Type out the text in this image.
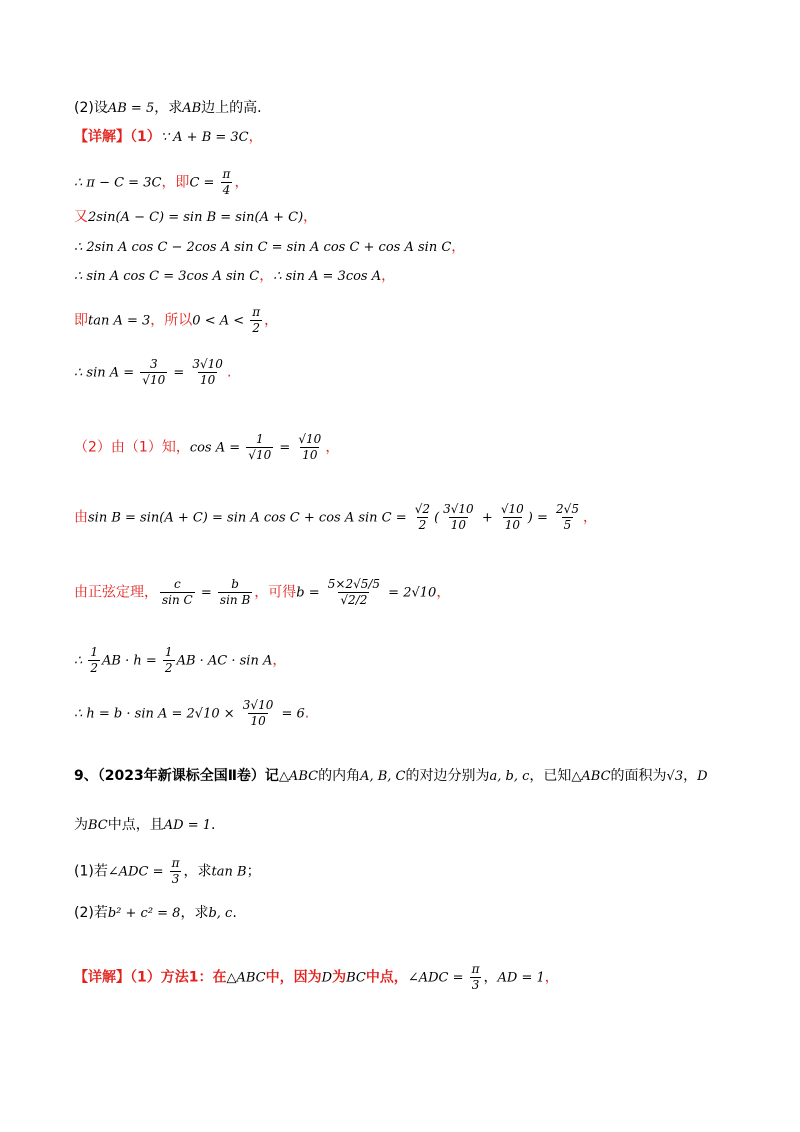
(2)设AB = 5，求AB边上的高.
【详解】（1）∵ A + B = 3C，
∴ π − C = 3C，即$C = \frac{\pi}{4}$ ，
又2sin(A − C) = sin B = sin(A + C)，
∴ 2sin A cos C − 2cos A sin C = sin A cos C + cos A sin C，
∴ sin A cos C = 3cos A sin C，∴ sin A = 3cos A，
即tan A = 3，所以$0 < A < \frac{\pi}{2}$ ，
∴ $\sin A = \frac{3}{√10} = \frac{3√10}{10}$ .
（2）由（1）知，$\cos A = \frac{1}{√10} = \frac{√10}{10}$ ，
由sin B = sin(A + C) = sin A cos C + cos A $\sin C = \frac{√2}{2}$ ( $\frac{3√10}{10} + \frac{√10}{10}$ ) = $\frac{2√5}{5}$ ，
由正弦定理， $\frac{c}{\text{sin C}} = \frac{b}{\text{sin B}}$ ，可得$b = \frac{5\times 2√5/5}{√2/2} = 2√10$，
∴ $\frac{1}{2}$ AB · $h = \frac{1}{2}$ AB · AC · sin A，
∴ $h = b \cdot \sin A = 2√10 \times \frac{3√10}{10} = 6$.
9、（2023年新课标全国Ⅱ卷）记△ABC的内角A, B, C的对边分别为a, b, c，已知△ABC的面积为√3，D
为BC中点，且AD = 1.
(1)若∠ADC = $\frac{\pi}{3}$ ，求tan B；
(2)若b² + c² = 8，求b, c.
【详解】（1）方法1：在△ABC中，因为D为BC中点，∠ADC = $\frac{\pi}{3}$ ，AD = 1，
